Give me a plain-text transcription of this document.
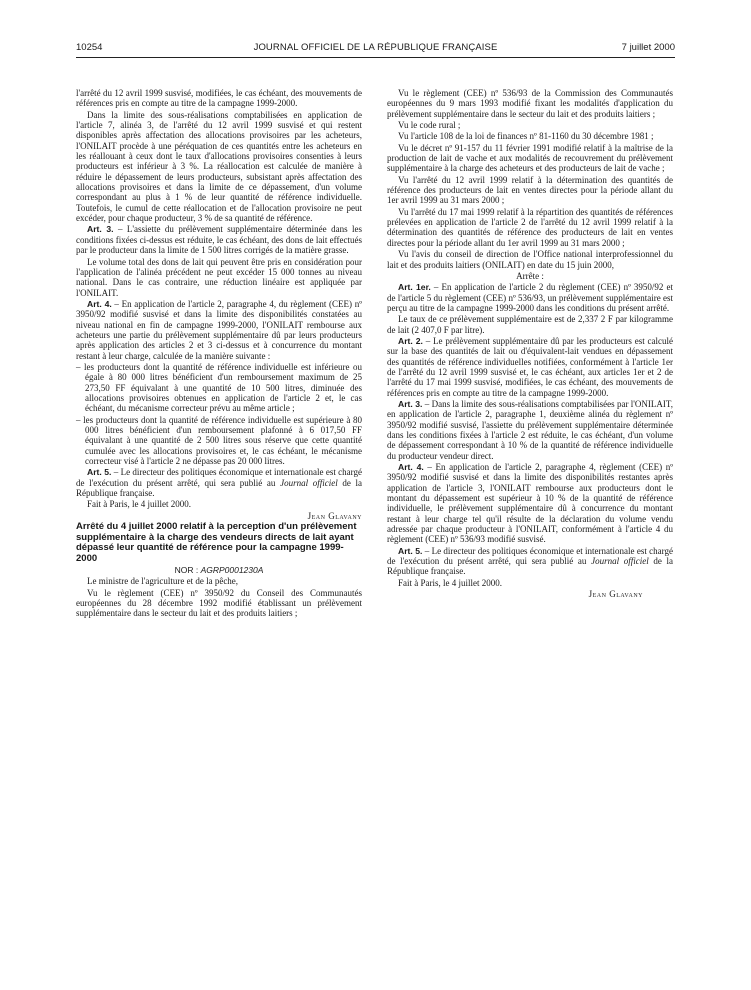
10254	JOURNAL OFFICIEL DE LA RÉPUBLIQUE FRANÇAISE	7 juillet 2000

l'arrêté du 12 avril 1999 susvisé, modifiées, le cas échéant, des mouvements de références pris en compte au titre de la campagne 1999-2000.

Dans la limite des sous-réalisations comptabilisées en application de l'article 7, alinéa 3, de l'arrêté du 12 avril 1999 susvisé et qui restent disponibles après affectation des allocations provisoires par les acheteurs, l'ONILAIT procède à une péréquation de ces quantités entre les acheteurs en les réallouant à ceux dont le taux d'allocations provisoires consenties à leurs producteurs est inférieur à 3 %. La réallocation est calculée de manière à réduire le dépassement de leurs producteurs, subsistant après affectation des allocations provisoires et dans la limite de ce dépassement, d'un volume correspondant au plus à 1 % de leur quantité de référence individuelle. Toutefois, le cumul de cette réallocation et de l'allocation provisoire ne peut excéder, pour chaque producteur, 3 % de sa quantité de référence.

Art. 3. – L'assiette du prélèvement supplémentaire déterminée dans les conditions fixées ci-dessus est réduite, le cas échéant, des dons de lait effectués par le producteur dans la limite de 1 500 litres corrigés de la matière grasse.

Le volume total des dons de lait qui peuvent être pris en considération pour l'application de l'alinéa précédent ne peut excéder 15 000 tonnes au niveau national. Dans le cas contraire, une réduction linéaire est appliquée par l'ONILAIT.

Art. 4. – En application de l'article 2, paragraphe 4, du règlement (CEE) nº 3950/92 modifié susvisé et dans la limite des disponibilités constatées au niveau national en fin de campagne 1999-2000, l'ONILAIT rembourse aux acheteurs une partie du prélèvement supplémentaire dû par leurs producteurs après application des articles 2 et 3 ci-dessus et à concurrence du montant restant à leur charge, calculée de la manière suivante :

– les producteurs dont la quantité de référence individuelle est inférieure ou égale à 80 000 litres bénéficient d'un remboursement maximum de 25 273,50 FF équivalant à une quantité de 10 500 litres, diminuée des allocations provisoires obtenues en application de l'article 2 et, le cas échéant, du mécanisme correcteur prévu au même article ;

– les producteurs dont la quantité de référence individuelle est supérieure à 80 000 litres bénéficient d'un remboursement plafonné à 6 017,50 FF équivalant à une quantité de 2 500 litres sous réserve que cette quantité cumulée avec les allocations provisoires et, le cas échéant, le mécanisme correcteur visé à l'article 2 ne dépasse pas 20 000 litres.

Art. 5. – Le directeur des politiques économique et internationale est chargé de l'exécution du présent arrêté, qui sera publié au Journal officiel de la République française.

Fait à Paris, le 4 juillet 2000.

Jean Glavany

Arrêté du 4 juillet 2000 relatif à la perception d'un prélèvement supplémentaire à la charge des vendeurs directs de lait ayant dépassé leur quantité de référence pour la campagne 1999-2000

NOR : AGRP0001230A

Le ministre de l'agriculture et de la pêche,

Vu le règlement (CEE) nº 3950/92 du Conseil des Communautés européennes du 28 décembre 1992 modifié établissant un prélèvement supplémentaire dans le secteur du lait et des produits laitiers ;

Vu le règlement (CEE) nº 536/93 de la Commission des Communautés européennes du 9 mars 1993 modifié fixant les modalités d'application du prélèvement supplémentaire dans le secteur du lait et des produits laitiers ;

Vu le code rural ;

Vu l'article 108 de la loi de finances nº 81-1160 du 30 décembre 1981 ;

Vu le décret nº 91-157 du 11 février 1991 modifié relatif à la maîtrise de la production de lait de vache et aux modalités de recouvrement du prélèvement supplémentaire à la charge des acheteurs et des producteurs de lait de vache ;

Vu l'arrêté du 12 avril 1999 relatif à la détermination des quantités de référence des producteurs de lait en ventes directes pour la période allant du 1er avril 1999 au 31 mars 2000 ;

Vu l'arrêté du 17 mai 1999 relatif à la répartition des quantités de références prélevées en application de l'article 2 de l'arrêté du 12 avril 1999 relatif à la détermination des quantités de référence des producteurs de lait en ventes directes pour la période allant du 1er avril 1999 au 31 mars 2000 ;

Vu l'avis du conseil de direction de l'Office national interprofessionnel du lait et des produits laitiers (ONILAIT) en date du 15 juin 2000,

Arrête :

Art. 1er. – En application de l'article 2 du règlement (CEE) nº 3950/92 et de l'article 5 du règlement (CEE) nº 536/93, un prélèvement supplémentaire est perçu au titre de la campagne 1999-2000 dans les conditions du présent arrêté.

Le taux de ce prélèvement supplémentaire est de 2,337 2 F par kilogramme de lait (2 407,0 F par litre).

Art. 2. – Le prélèvement supplémentaire dû par les producteurs est calculé sur la base des quantités de lait ou d'équivalent-lait vendues en dépassement des quantités de référence individuelles notifiées, conformément à l'article 1er de l'arrêté du 12 avril 1999 susvisé et, le cas échéant, aux articles 1er et 2 de l'arrêté du 17 mai 1999 susvisé, modifiées, le cas échéant, des mouvements de références pris en compte au titre de la campagne 1999-2000.

Art. 3. – Dans la limite des sous-réalisations comptabilisées par l'ONILAIT, en application de l'article 2, paragraphe 1, deuxième alinéa du règlement nº 3950/92 modifié susvisé, l'assiette du prélèvement supplémentaire déterminée dans les conditions fixées à l'article 2 est réduite, le cas échéant, d'un volume de dépassement correspondant à 10 % de la quantité de référence individuelle du producteur vendeur direct.

Art. 4. – En application de l'article 2, paragraphe 4, règlement (CEE) nº 3950/92 modifié susvisé et dans la limite des disponibilités restantes après application de l'article 3, l'ONILAIT rembourse aux producteurs dont le montant du dépassement est supérieur à 10 % de la quantité de référence individuelle, le prélèvement supplémentaire dû à concurrence du montant restant à leur charge tel qu'il résulte de la déclaration du volume vendu adressée par chaque producteur à l'ONILAIT, conformément à l'article 4 du règlement (CEE) nº 536/93 modifié susvisé.

Art. 5. – Le directeur des politiques économique et internationale est chargé de l'exécution du présent arrêté, qui sera publié au Journal officiel de la République française.

Fait à Paris, le 4 juillet 2000.

Jean Glavany
